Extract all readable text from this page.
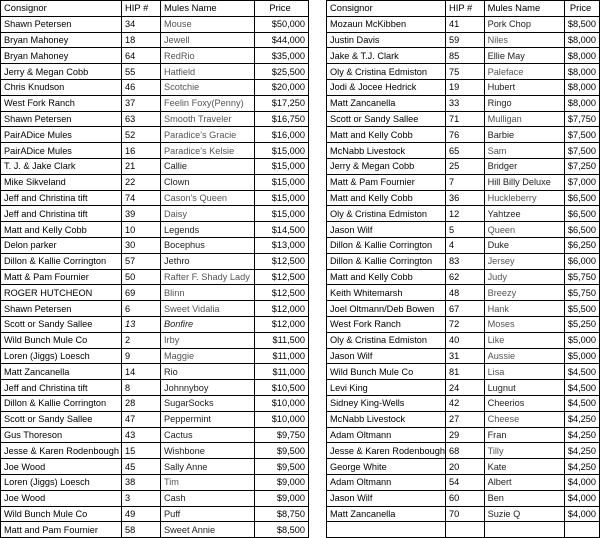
Consignor	HIP #	Mules Name	Price
Shawn Petersen	34	Mouse	$50,000
Bryan Mahoney	18	Jewell	$44,000
Bryan Mahoney	64	RedRio	$35,000
Jerry & Megan Cobb	55	Hatfield	$25,500
Chris Knudson	46	Scotchie	$20,000
West Fork Ranch	37	Feelin Foxy(Penny)	$17,250
Shawn Petersen	63	Smooth Traveler	$16,750
PairADice Mules	52	Paradice's Gracie	$16,000
PairADice Mules	16	Paradice's Kelsie	$15,000
T. J. & Jake Clark	21	Callie	$15,000
Mike Sikveland	22	Clown	$15,000
Jeff and Christina tift	74	Cason's Queen	$15,000
Jeff and Christina tift	39	Daisy	$15,000
Matt and Kelly Cobb	10	Legends	$14,500
Delon parker	30	Bocephus	$13,000
Dillon & Kallie Corrington	57	Jethro	$12,500
Matt & Pam Fournier	50	Rafter F. Shady Lady	$12,500
ROGER HUTCHEON	69	Blinn	$12,500
Shawn Petersen	6	Sweet Vidalia	$12,000
Scott or Sandy Sallee	13	Bonfire	$12,000
Wild Bunch Mule Co	2	Irby	$11,500
Loren (Jiggs) Loesch	9	Maggie	$11,000
Matt Zancanella	14	Rio	$11,000
Jeff and Christina tift	8	Johnnyboy	$10,500
Dillon & Kallie Corrington	28	SugarSocks	$10,000
Scott or Sandy Sallee	47	Peppermint	$10,000
Gus Thoreson	43	Cactus	$9,750
Jesse & Karen Rodenbough	15	Wishbone	$9,500
Joe Wood	45	Sally Anne	$9,500
Loren (Jiggs) Loesch	38	Tim	$9,000
Joe Wood	3	Cash	$9,000
Wild Bunch Mule Co	49	Puff	$8,750
Matt and Pam Fournier	58	Sweet Annie	$8,500
Consignor	HIP #	Mules Name	Price
Mozaun McKibben	41	Pork Chop	$8,500
Justin Davis	59	Niles	$8,000
Jake & T.J. Clark	85	Ellie May	$8,000
Oly & Cristina Edmiston	75	Paleface	$8,000
Jodi & Jocee Hedrick	19	Hubert	$8,000
Matt Zancanella	33	Ringo	$8,000
Scott or Sandy Sallee	71	Mulligan	$7,750
Matt and Kelly Cobb	76	Barbie	$7,500
McNabb Livestock	65	Sam	$7,500
Jerry & Megan Cobb	25	Bridger	$7,250
Matt & Pam Fournier	7	Hill Billy Deluxe	$7,000
Matt and Kelly Cobb	36	Huckleberry	$6,500
Oly & Cristina Edmiston	12	Yahtzee	$6,500
Jason Wilf	5	Queen	$6,500
Dillon & Kallie Corrington	4	Duke	$6,250
Dillon & Kallie Corrington	83	Jersey	$6,000
Matt and Kelly Cobb	62	Judy	$5,750
Keith Whitemarsh	48	Breezy	$5,750
Joel Oltmann/Deb Bowen	67	Hank	$5,500
West Fork Ranch	72	Moses	$5,250
Oly & Cristina Edmiston	40	Like	$5,000
Jason Wilf	31	Aussie	$5,000
Wild Bunch Mule Co	81	Lisa	$4,500
Levi King	24	Lugnut	$4,500
Sidney King-Wells	42	Cheerios	$4,500
McNabb Livestock	27	Cheese	$4,250
Adam Oltmann	29	Fran	$4,250
Jesse & Karen Rodenbough	68	Tilly	$4,250
George White	20	Kate	$4,250
Adam Oltmann	54	Albert	$4,000
Jason Wilf	60	Ben	$4,000
Matt Zancanella	70	Suzie Q	$4,000
